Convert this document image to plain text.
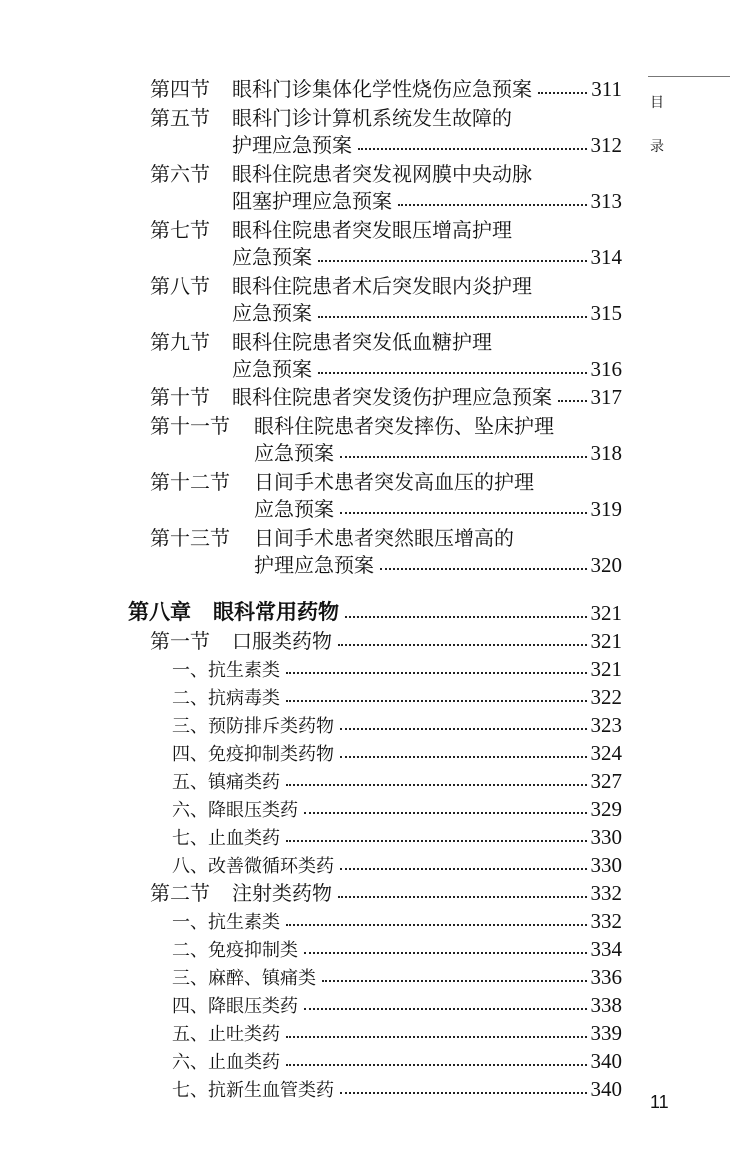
第四节 眼科门诊集体化学性烧伤应急预案	311
第五节 眼科门诊计算机系统发生故障的
护理应急预案	312
第六节 眼科住院患者突发视网膜中央动脉
阻塞护理应急预案	313
第七节 眼科住院患者突发眼压增高护理
应急预案	314
第八节 眼科住院患者术后突发眼内炎护理
应急预案	315
第九节 眼科住院患者突发低血糖护理
应急预案	316
第十节 眼科住院患者突发烫伤护理应急预案 317
第十一节 眼科住院患者突发摔伤、坠床护理
应急预案	318
第十二节 日间手术患者突发高血压的护理
应急预案	319
第十三节 日间手术患者突然眼压增高的
护理应急预案	320
第八章 眼科常用药物	321
第一节 口服类药物	321
一、抗生素类	321
二、抗病毒类	322
三、预防排斥类药物	323
四、免疫抑制类药物	324
五、镇痛类药	327
六、降眼压类药	329
七、止血类药	330
八、改善微循环类药	330
第二节 注射类药物	332
一、抗生素类	332
二、免疫抑制类	334
三、麻醉、镇痛类	336
四、降眼压类药	338
五、止吐类药	339
六、止血类药	340
七、抗新生血管类药	340
目
录
11
